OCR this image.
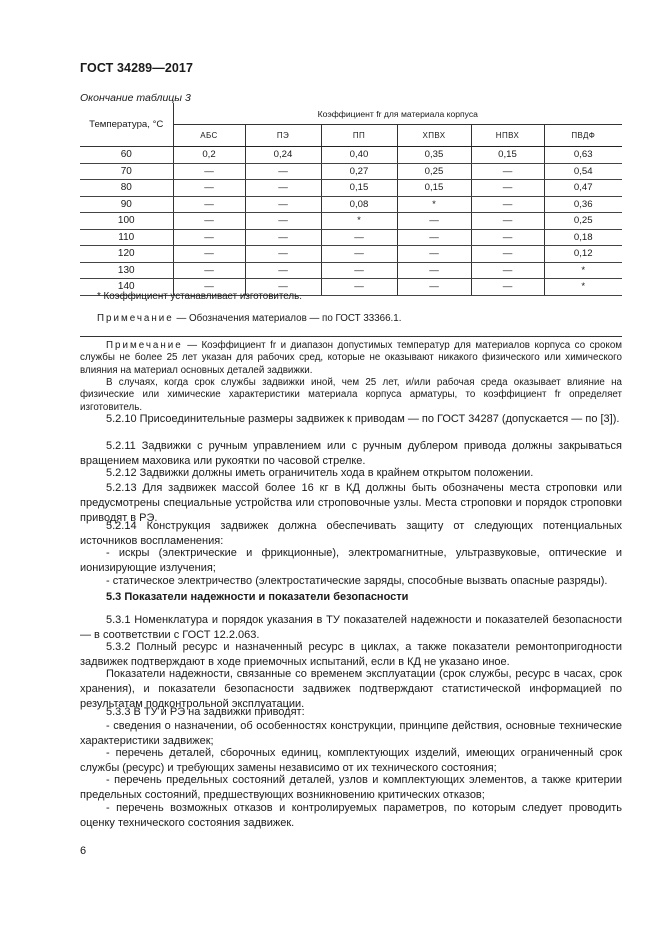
ГОСТ 34289—2017
Окончание таблицы 3
Температура, °C	Коэффициент fr для материала корпуса					
	АБС	ПЭ	ПП	ХПВХ	НПВХ	ПВДФ
60	0,2	0,24	0,40	0,35	0,15	0,63
70	—	—	0,27	0,25	—	0,54
80	—	—	0,15	0,15	—	0,47
90	—	—	0,08	*	—	0,36
100	—	—	*	—	—	0,25
110	—	—	—	—	—	0,18
120	—	—	—	—	—	0,12
130	—	—	—	—	—	*
140	—	—	—	—	—	*
* Коэффициент устанавливает изготовитель.
Примечание — Обозначения материалов — по ГОСТ 33366.1.
Примечание — Коэффициент fr и диапазон допустимых температур для материалов корпуса со сроком службы не более 25 лет указан для рабочих сред, которые не оказывают никакого физического или химического влияния на материал основных деталей задвижки.
В случаях, когда срок службы задвижки иной, чем 25 лет, и/или рабочая среда оказывает влияние на физические или химические характеристики материала корпуса арматуры, то коэффициент fr определяет изготовитель.
5.2.10 Присоединительные размеры задвижек к приводам — по ГОСТ 34287 (допускается — по [3]).
5.2.11 Задвижки с ручным управлением или с ручным дублером привода должны закрываться вращением маховика или рукоятки по часовой стрелке.
5.2.12 Задвижки должны иметь ограничитель хода в крайнем открытом положении.
5.2.13 Для задвижек массой более 16 кг в КД должны быть обозначены места строповки или предусмотрены специальные устройства или строповочные узлы. Места строповки и порядок строповки приводят в РЭ.
5.2.14 Конструкция задвижек должна обеспечивать защиту от следующих потенциальных источников воспламенения:
- искры (электрические и фрикционные), электромагнитные, ультразвуковые, оптические и ионизирующие излучения;
- статическое электричество (электростатические заряды, способные вызвать опасные разряды).
5.3 Показатели надежности и показатели безопасности
5.3.1 Номенклатура и порядок указания в ТУ показателей надежности и показателей безопасности — в соответствии с ГОСТ 12.2.063.
5.3.2 Полный ресурс и назначенный ресурс в циклах, а также показатели ремонтопригодности задвижек подтверждают в ходе приемочных испытаний, если в КД не указано иное.
Показатели надежности, связанные со временем эксплуатации (срок службы, ресурс в часах, срок хранения), и показатели безопасности задвижек подтверждают статистической информацией по результатам подконтрольной эксплуатации.
5.3.3 В ТУ и РЭ на задвижки приводят:
- сведения о назначении, об особенностях конструкции, принципе действия, основные технические характеристики задвижек;
- перечень деталей, сборочных единиц, комплектующих изделий, имеющих ограниченный срок службы (ресурс) и требующих замены независимо от их технического состояния;
- перечень предельных состояний деталей, узлов и комплектующих элементов, а также критерии предельных состояний, предшествующих возникновению критических отказов;
- перечень возможных отказов и контролируемых параметров, по которым следует проводить оценку технического состояния задвижек.
6
